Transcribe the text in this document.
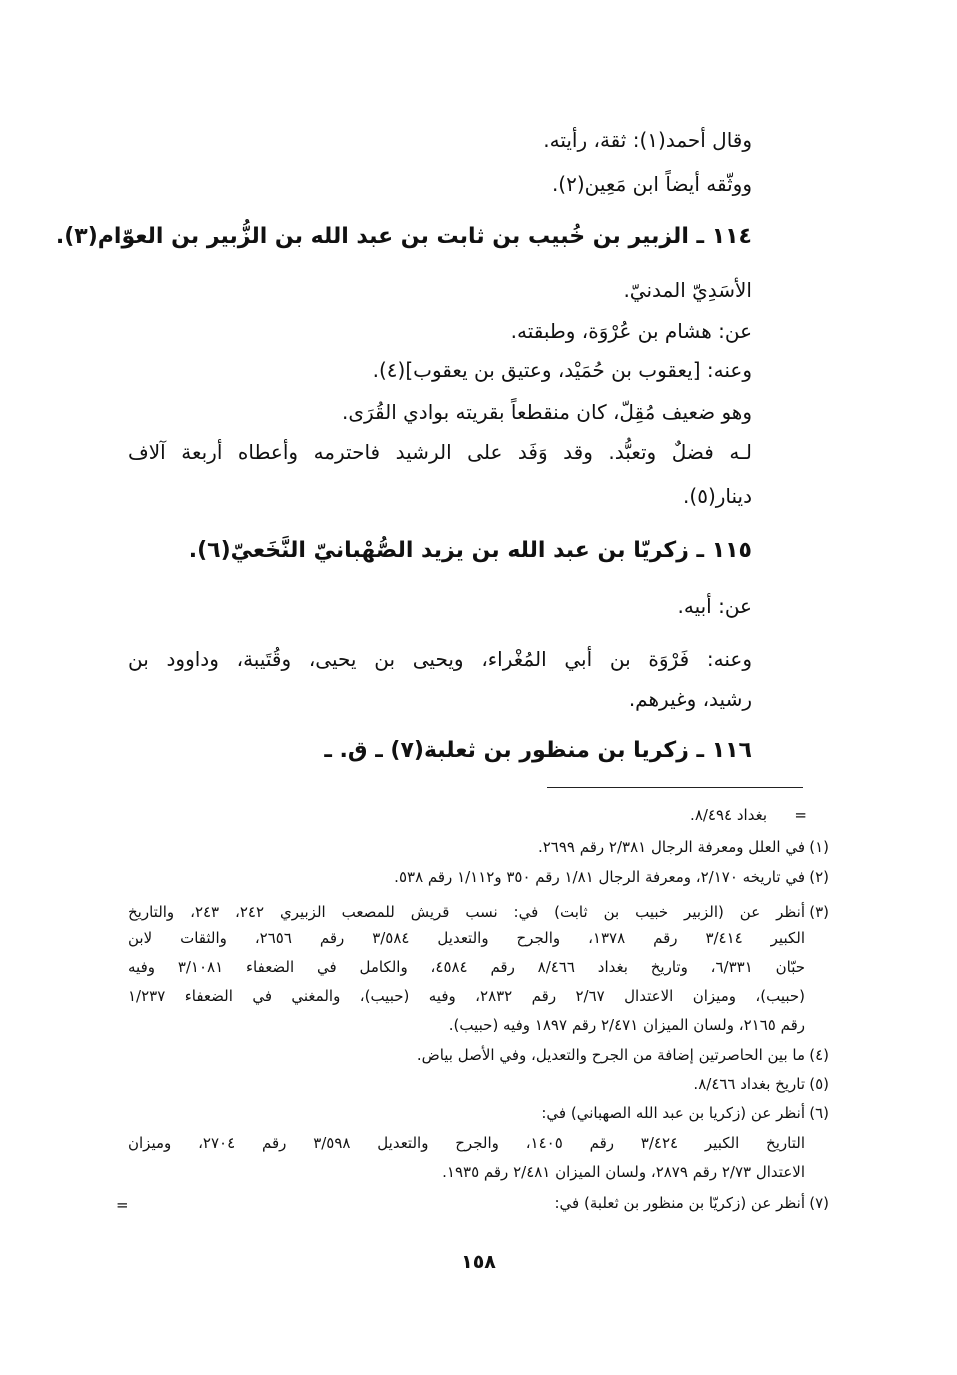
وقال أحمد(١): ثقة، رأيته.
ووثّقه أيضاً ابن مَعِين(٢).
١١٤ ـ الزبير بن خُبيب بن ثابت بن عبد الله بن الزُّبير بن العوّام(٣).
الأسَدِيّ المدنيّ.
عن: هشام بن عُرْوَة، وطبقته.
وعنه: [يعقوب بن حُمَيْد، وعتيق بن يعقوب](٤).
وهو ضعيف مُقِلّ، كان منقطعاً بقريته بوادي القُرَى.
لـه فضلٌ وتعبُّد. وقد وَفَد على الرشيد فاحترمه وأعطاه أربعة آلاف
دينار(٥).
١١٥ ـ زكريّا بن عبد الله بن يزيد الصُّهْبانيّ النَّخَعيّ(٦).
عن: أبيه.
وعنه: فَرْوَة بن أبي المُغْراء، ويحيى بن يحيى، وقُتَيبة، وداوود بن
رشيد، وغيرهم.
١١٦ ـ زكريا بن منظور بن ثعلبة(٧) ـ ق. ـ
=
بغداد ٨/٤٩٤.
(١)
في العلل ومعرفة الرجال ٢/٣٨١ رقم ٢٦٩٩.
(٢)
في تاريخه ٢/١٧٠، ومعرفة الرجال ١/٨١ رقم ٣٥٠ و١/١١٢ رقم ٥٣٨.
(٣)
أنظر عن (الزبير خبيب بن ثابت) في: نسب قريش للمصعب الزبيري ٢٤٢، ٢٤٣، والتاريخ
الكبير ٣/٤١٤ رقم ١٣٧٨، والجرح والتعديل ٣/٥٨٤ رقم ٢٦٥٦، والثقات لابن
حبّان ٦/٣٣١، وتاريخ بغداد ٨/٤٦٦ رقم ٤٥٨٤، والكامل في الضعفاء ٣/١٠٨١ وفيه
(حبيب)، وميزان الاعتدال ٢/٦٧ رقم ٢٨٣٢، وفيه (حبيب)، والمغني في الضعفاء ١/٢٣٧
رقم ٢١٦٥، ولسان الميزان ٢/٤٧١ رقم ١٨٩٧ وفيه (حبيب).
(٤)
ما بين الحاصرتين إضافة من الجرح والتعديل، وفي الأصل بياض.
(٥)
تاريخ بغداد ٨/٤٦٦.
(٦)
أنظر عن (زكريا بن عبد الله الصهباني) في:
التاريخ الكبير ٣/٤٢٤ رقم ١٤٠٥، والجرح والتعديل ٣/٥٩٨ رقم ٢٧٠٤، وميزان
الاعتدال ٢/٧٣ رقم ٢٨٧٩، ولسان الميزان ٢/٤٨١ رقم ١٩٣٥.
(٧)
أنظر عن (زكريّا بن منظور بن ثعلبة) في:
=
١٥٨
